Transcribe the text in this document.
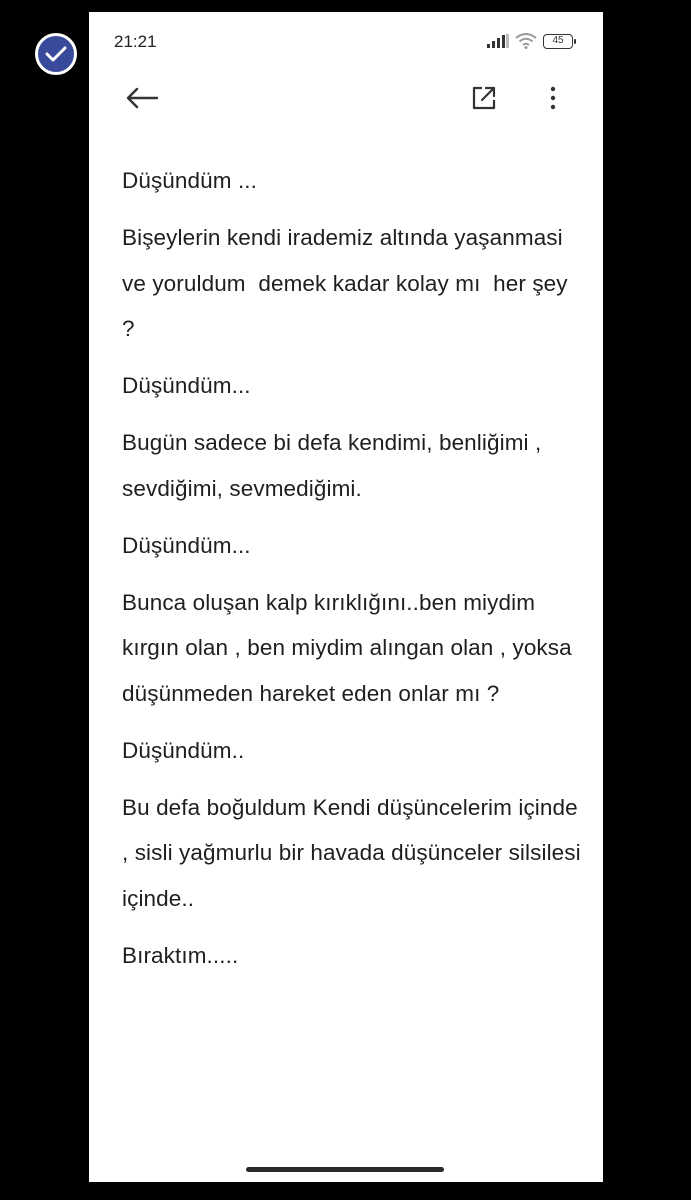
21:21	45

Düşündüm ...

Bişeylerin kendi irademiz altında yaşanmasi ve yoruldum  demek kadar kolay mı  her şey  ?

Düşündüm...

Bugün sadece bi defa kendimi, benliğimi , sevdiğimi, sevmediğimi.

Düşündüm...

Bunca oluşan kalp kırıklığını..ben miydim kırgın olan , ben miydim alıngan olan , yoksa düşünmeden hareket eden onlar mı ?

Düşündüm..

Bu defa boğuldum Kendi düşüncelerim içinde , sisli yağmurlu bir havada düşünceler silsilesi içinde..

Bıraktım.....
